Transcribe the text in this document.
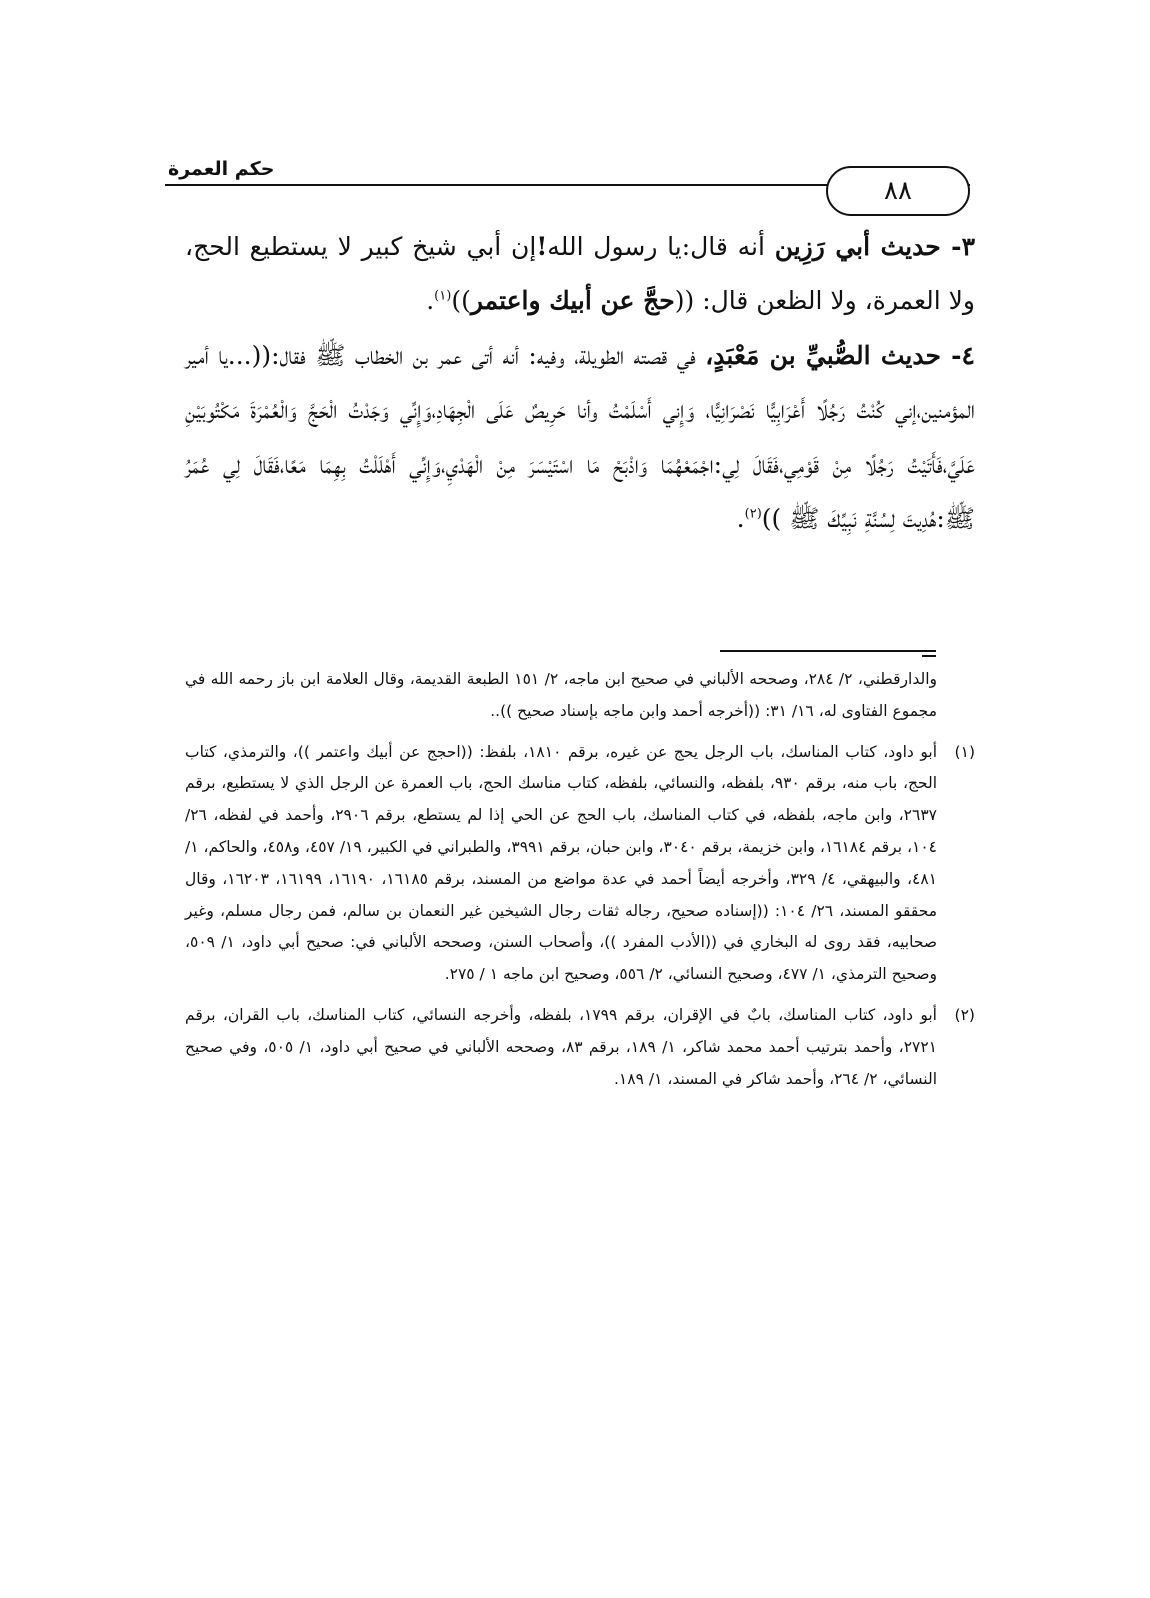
حكم العمرة
٨٨

٣- حديث أبي رَزِين أنه قال:يا رسول الله!إن أبي شيخ كبير لا يستطيع الحج، ولا العمرة، ولا الظعن قال: ((حجَّ عن أبيك واعتمر))$^{(١)}$.

٤- حديث الصُّبيِّ بن مَعْبَدٍ، في قصته الطويلة، وفيه: أنه أتى عمر بن الخطاب ﷺ فقال:((...يا أمير المؤمنين،إني كُنْتُ رَجُلًا أَعْرَابِيًّا نَصْرَانِيًّا، وَإِني أَسْلَمْتُ وأنا حَرِيصٌ عَلَى الْجِهَادِ،وَإِنِّي وَجَدْتُ الْحَجَّ وَالْعُمْرَةَ مَكْتُوبَيْنِ عَلَيَّ،فَأَتَيْتُ رَجُلًا مِنْ قَوْمِي،فَقَالَ لِي:اجْمَعْهُمَا وَاذْبَحْ مَا اسْتَيْسَرَ مِنْ الْهَدْيِ،وَإِنِّي أَهْلَلْتُ بِهِمَا مَعًا،فَقَالَ لِي عُمَرُ ﷺ:هُدِيتَ لِسُنَّةِ نَبِيِّكَ ﷺ ))$^{(٢)}$.

والدارقطني، ٢/ ٢٨٤، وصححه الألباني في صحيح ابن ماجه، ٢/ ١٥١ الطبعة القديمة، وقال العلامة ابن باز رحمه الله في مجموع الفتاوى له، ١٦/ ٣١: ((أخرجه أحمد وابن ماجه بإسناد صحيح ))..

(١)أبو داود، كتاب المناسك، باب الرجل يحج عن غيره، برقم ١٨١٠، بلفظ: ((احجج عن أبيك واعتمر ))، والترمذي، كتاب الحج، باب منه، برقم ٩٣٠، بلفظه، والنسائي، بلفظه، كتاب مناسك الحج، باب العمرة عن الرجل الذي لا يستطيع، برقم ٢٦٣٧، وابن ماجه، بلفظه، في كتاب المناسك، باب الحج عن الحي إذا لم يستطع، برقم ٢٩٠٦، وأحمد في لفظه، ٢٦/ ١٠٤، برقم ١٦١٨٤، وابن خزيمة، برقم ٣٠٤٠، وابن حبان، برقم ٣٩٩١، والطبراني في الكبير، ١٩/ ٤٥٧، و٤٥٨، والحاكم، ١/ ٤٨١، والبيهقي، ٤/ ٣٢٩، وأخرجه أيضاً أحمد في عدة مواضع من المسند، برقم ١٦١٨٥، ١٦١٩٠، ١٦١٩٩، ١٦٢٠٣، وقال محققو المسند، ٢٦/ ١٠٤: ((إسناده صحيح، رجاله ثقات رجال الشيخين غير النعمان بن سالم، فمن رجال مسلم، وغير صحابيه، فقد روى له البخاري في ((الأدب المفرد ))، وأصحاب السنن، وصححه الألباني في: صحيح أبي داود، ١/ ٥٠٩، وصحيح الترمذي، ١/ ٤٧٧، وصحيح النسائي، ٢/ ٥٥٦، وصحيح ابن ماجه ١ / ٢٧٥.

(٢)أبو داود، كتاب المناسك، بابٌ في الإقران، برقم ١٧٩٩، بلفظه، وأخرجه النسائي، كتاب المناسك، باب القران، برقم ٢٧٢١، وأحمد بترتيب أحمد محمد شاكر، ١/ ١٨٩، برقم ٨٣، وصححه الألباني في صحيح أبي داود، ١/ ٥٠٥، وفي صحيح النسائي، ٢/ ٢٦٤، وأحمد شاكر في المسند، ١/ ١٨٩.
